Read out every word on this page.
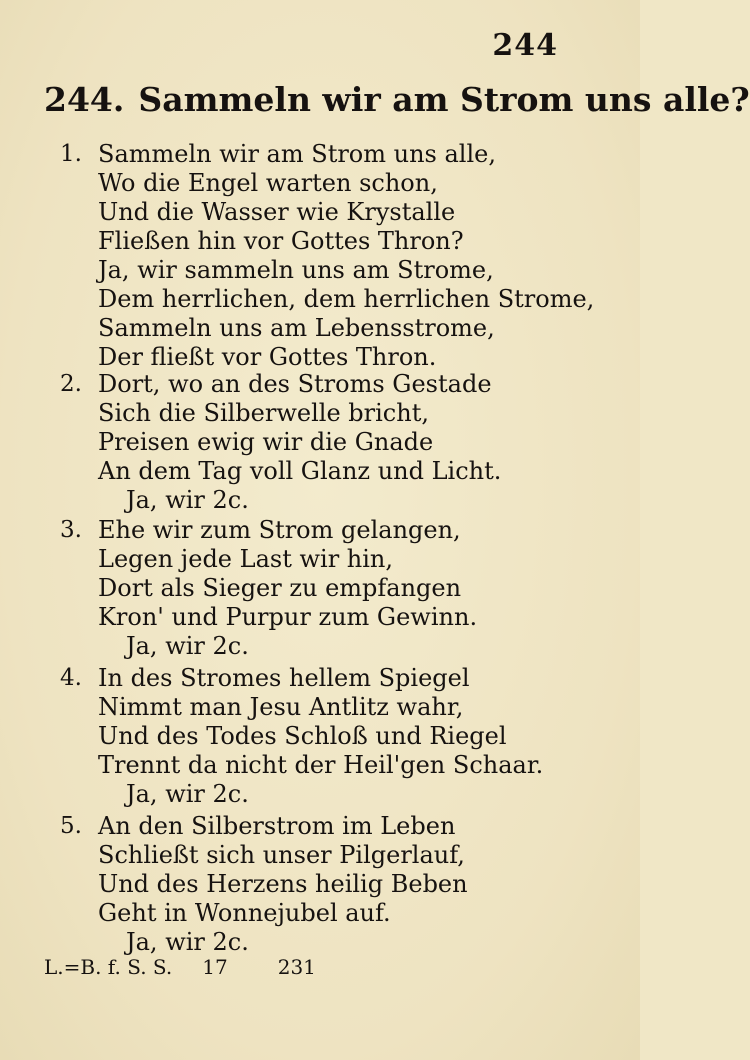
244
244. Sammeln wir am Strom uns alle?
1. Sammeln wir am Strom uns alle,
Wo die Engel warten schon,
Und die Wasser wie Krystalle
Fließen hin vor Gottes Thron?
Ja, wir sammeln uns am Strome,
Dem herrlichen, dem herrlichen Strome,
Sammeln uns am Lebensstrome,
Der fließt vor Gottes Thron.
2. Dort, wo an des Stroms Gestade
Sich die Silberwelle bricht,
Preisen ewig wir die Gnade
An dem Tag voll Glanz und Licht.
Ja, wir 2c.
3. Ehe wir zum Strom gelangen,
Legen jede Last wir hin,
Dort als Sieger zu empfangen
Kron' und Purpur zum Gewinn.
Ja, wir 2c.
4. In des Stromes hellem Spiegel
Nimmt man Jesu Antlitz wahr,
Und des Todes Schloß und Riegel
Trennt da nicht der Heil'gen Schaar.
Ja, wir 2c.
5. An den Silberstrom im Leben
Schließt sich unser Pilgerlauf,
Und des Herzens heilig Beben
Geht in Wonnejubel auf.
Ja, wir 2c.
L.=B. f. S. S. 17	231
